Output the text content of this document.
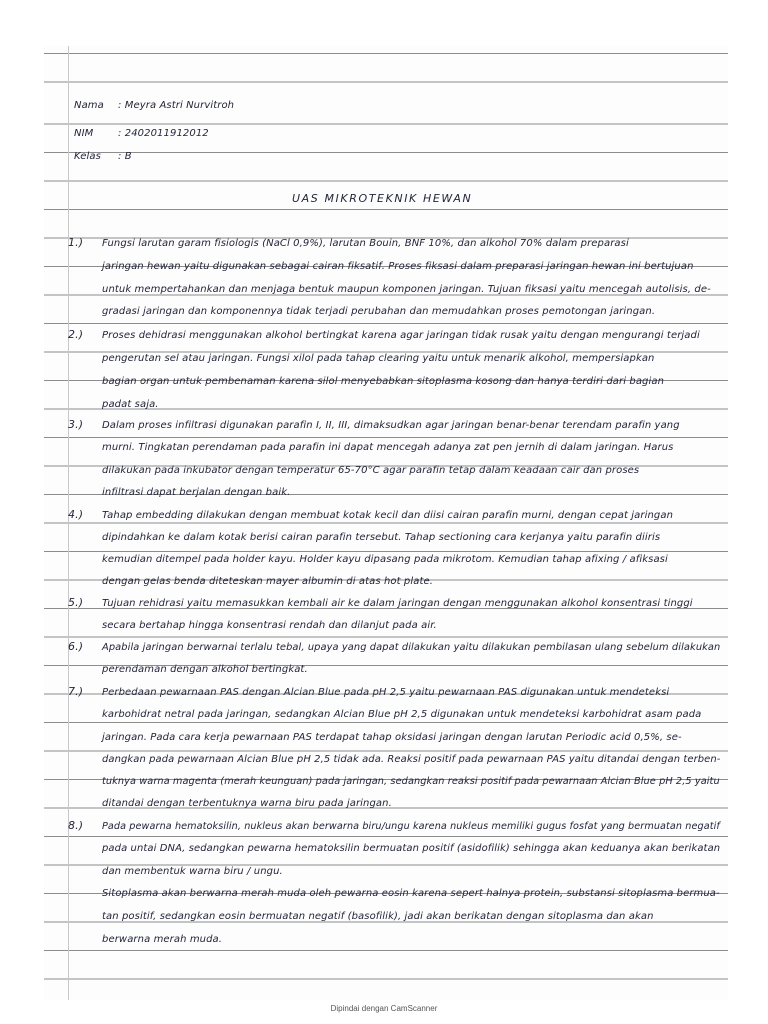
Nama : Meyra Astri Nurvitroh
NIM : 2402011912012
Kelas : B
UAS MIKROTEKNIK HEWAN
1.) Fungsi larutan garam fisiologis (NaCl 0,9%), larutan Bouin, BNF 10%, dan alkohol 70% dalam preparasi
jaringan hewan yaitu digunakan sebagai cairan fiksatif. Proses fiksasi dalam preparasi jaringan hewan ini bertujuan
untuk mempertahankan dan menjaga bentuk maupun komponen jaringan. Tujuan fiksasi yaitu mencegah autolisis, de-
gradasi jaringan dan komponennya tidak terjadi perubahan dan memudahkan proses pemotongan jaringan.
2.) Proses dehidrasi menggunakan alkohol bertingkat karena agar jaringan tidak rusak yaitu dengan mengurangi terjadi
pengerutan sel atau jaringan. Fungsi xilol pada tahap clearing yaitu untuk menarik alkohol, mempersiapkan
bagian organ untuk pembenaman karena silol menyebabkan sitoplasma kosong dan hanya terdiri dari bagian
padat saja.
3.) Dalam proses infiltrasi digunakan parafin I, II, III, dimaksudkan agar jaringan benar-benar terendam parafin yang
murni. Tingkatan perendaman pada parafin ini dapat mencegah adanya zat pen jernih di dalam jaringan. Harus
dilakukan pada inkubator dengan temperatur 65-70°C agar parafin tetap dalam keadaan cair dan proses
infiltrasi dapat berjalan dengan baik.
4.) Tahap embedding dilakukan dengan membuat kotak kecil dan diisi cairan parafin murni, dengan cepat jaringan
dipindahkan ke dalam kotak berisi cairan parafin tersebut. Tahap sectioning cara kerjanya yaitu parafin diiris
kemudian ditempel pada holder kayu. Holder kayu dipasang pada mikrotom. Kemudian tahap afixing / afiksasi
dengan gelas benda diteteskan mayer albumin di atas hot plate.
5.) Tujuan rehidrasi yaitu memasukkan kembali air ke dalam jaringan dengan menggunakan alkohol konsentrasi tinggi
secara bertahap hingga konsentrasi rendah dan dilanjut pada air.
6.) Apabila jaringan berwarnai terlalu tebal, upaya yang dapat dilakukan yaitu dilakukan pembilasan ulang sebelum dilakukan
perendaman dengan alkohol bertingkat.
7.) Perbedaan pewarnaan PAS dengan Alcian Blue pada pH 2,5 yaitu pewarnaan PAS digunakan untuk mendeteksi
karbohidrat netral pada jaringan, sedangkan Alcian Blue pH 2,5 digunakan untuk mendeteksi karbohidrat asam pada
jaringan. Pada cara kerja pewarnaan PAS terdapat tahap oksidasi jaringan dengan larutan Periodic acid 0,5%, se-
dangkan pada pewarnaan Alcian Blue pH 2,5 tidak ada. Reaksi positif pada pewarnaan PAS yaitu ditandai dengan terben-
tuknya warna magenta (merah keunguan) pada jaringan, sedangkan reaksi positif pada pewarnaan Alcian Blue pH 2,5 yaitu
ditandai dengan terbentuknya warna biru pada jaringan.
8.) Pada pewarna hematoksilin, nukleus akan berwarna biru/ungu karena nukleus memiliki gugus fosfat yang bermuatan negatif
pada untai DNA, sedangkan pewarna hematoksilin bermuatan positif (asidofilik) sehingga akan keduanya akan berikatan
dan membentuk warna biru / ungu.
Sitoplasma akan berwarna merah muda oleh pewarna eosin karena sepert halnya protein, substansi sitoplasma bermua-
tan positif, sedangkan eosin bermuatan negatif (basofilik), jadi akan berikatan dengan sitoplasma dan akan
berwarna merah muda.
Dipindai dengan CamScanner
